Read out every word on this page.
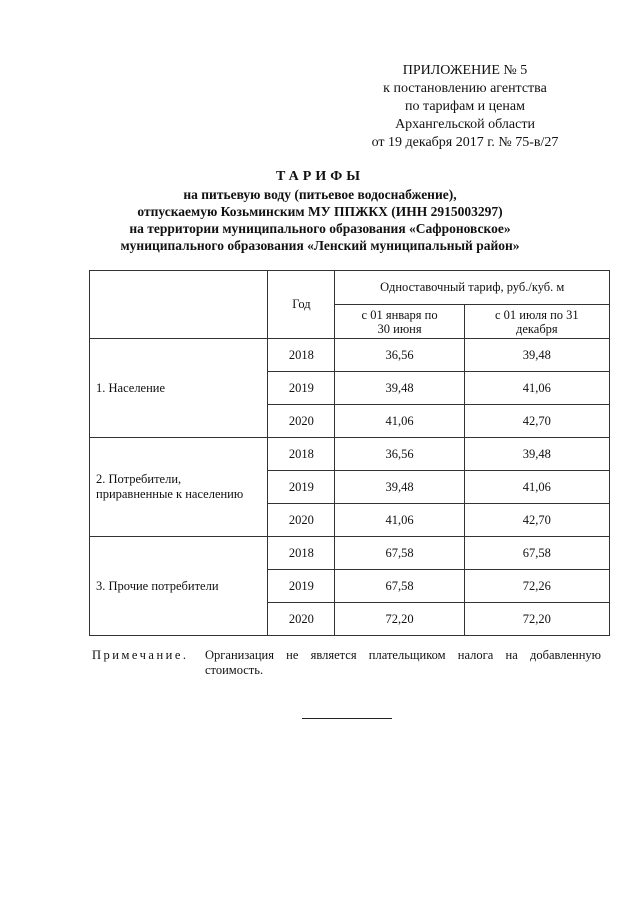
ПРИЛОЖЕНИЕ № 5
к постановлению агентства
по тарифам и ценам
Архангельской области
от 19 декабря 2017 г. № 75-в/27
ТАРИФЫ
на питьевую воду (питьевое водоснабжение),
отпускаемую Козьминским МУ ППЖКХ (ИНН 2915003297)
на территории муниципального образования «Сафроновское»
муниципального образования «Ленский муниципальный район»
	Год	Одноставочный тариф, руб./куб. м	
		с 01 января по 30 июня	с 01 июля по 31 декабря
1. Население	2018	36,56	39,48
	2019	39,48	41,06
	2020	41,06	42,70
2. Потребители, приравненные к населению	2018	36,56	39,48
	2019	39,48	41,06
	2020	41,06	42,70
3. Прочие потребители	2018	67,58	67,58
	2019	67,58	72,26
	2020	72,20	72,20
Примечание. Организация не является плательщиком налога на добавленную стоимость.
